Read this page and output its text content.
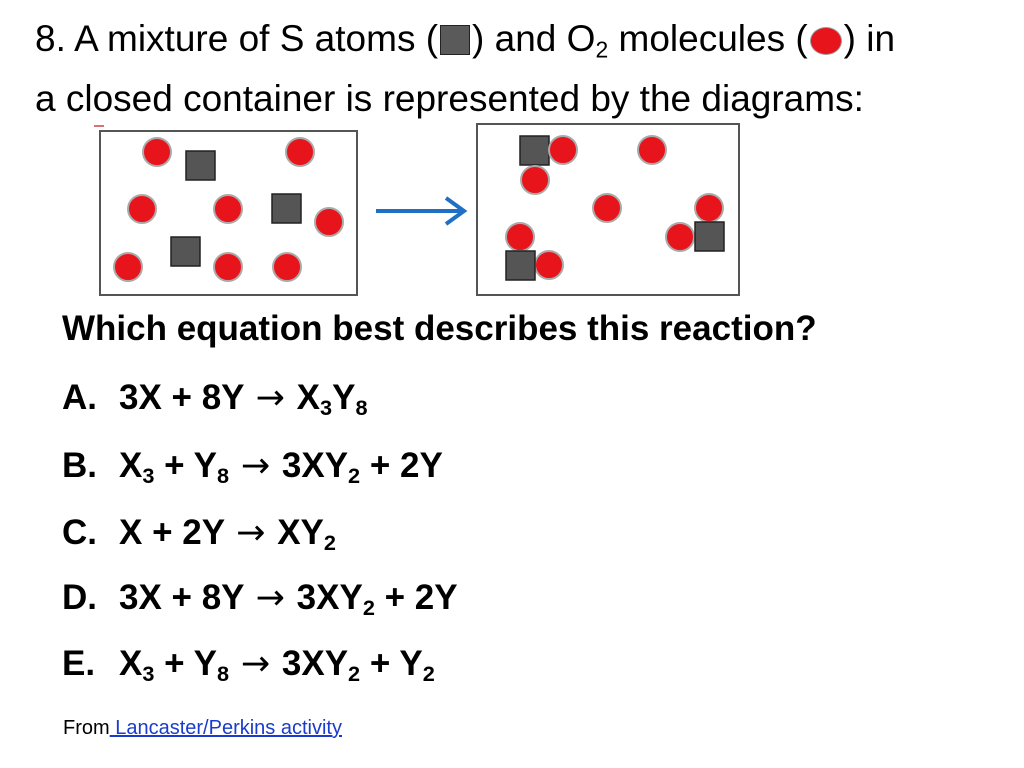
8. A mixture of S atoms ( ) and $O_2$ molecules ( ) in
a closed container is represented by the diagrams:
Which equation best describes this reaction?
A. $3X + 8Y \to X_3Y_8$
B. $X_3 + Y_8 \to 3XY_2 + 2Y$
C. $X + 2Y \to XY_2$
D. $3X + 8Y \to 3XY_2 + 2Y$
E. $X_3 + Y_8 \to 3XY_2 + Y_2$
From Lancaster/Perkins activity
